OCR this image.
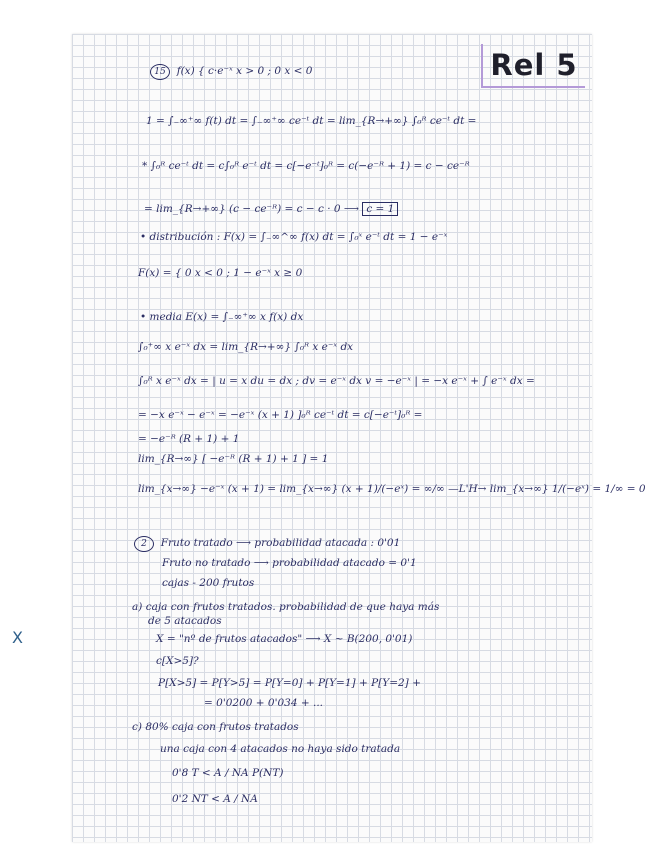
Rel 5
15 f(x) { c·e⁻ˣ x > 0 ; 0 x < 0
1 = ∫₋∞⁺∞ f(t) dt = ∫₋∞⁺∞ ce⁻ᵗ dt = lim_{R→+∞} ∫₀ᴿ ce⁻ᵗ dt =
* ∫₀ᴿ ce⁻ᵗ dt = c∫₀ᴿ e⁻ᵗ dt = c[−e⁻ᵗ]₀ᴿ = c(−e⁻ᴿ + 1) = c − ce⁻ᴿ
= lim_{R→+∞} (c − ce⁻ᴿ) = c − c · 0 ⟶ c = 1
• distribución : F(x) = ∫₋∞^∞ f(x) dt = ∫₀ˣ e⁻ᵗ dt = 1 − e⁻ˣ
F(x) = { 0 x < 0 ; 1 − e⁻ˣ x ≥ 0
• media E(x) = ∫₋∞⁺∞ x f(x) dx
∫₀⁺∞ x e⁻ˣ dx = lim_{R→+∞} ∫₀ᴿ x e⁻ˣ dx
∫₀ᴿ x e⁻ˣ dx = | u = x du = dx ; dv = e⁻ˣ dx v = −e⁻ˣ | = −x e⁻ˣ + ∫ e⁻ˣ dx =
= −x e⁻ˣ − e⁻ˣ = −e⁻ˣ (x + 1) ]₀ᴿ ce⁻ᵗ dt = c[−e⁻ᵗ]₀ᴿ =
= −e⁻ᴿ (R + 1) + 1
lim_{R→∞} [ −e⁻ᴿ (R + 1) + 1 ] = 1
lim_{x→∞} −e⁻ˣ (x + 1) = lim_{x→∞} (x + 1)/(−eˣ) = ∞/∞ —L'H→ lim_{x→∞} 1/(−eˣ) = 1/∞ = 0
2 Fruto tratado ⟶ probabilidad atacada : 0'01
Fruto no tratado ⟶ probabilidad atacado = 0'1
cajas - 200 frutos
a) caja con frutos tratados. probabilidad de que haya más
de 5 atacados
X = "nº de frutos atacados" ⟶ X ~ B(200, 0'01)
c[X>5]?
P[X>5] = P[Y>5] = P[Y=0] + P[Y=1] + P[Y=2] +
= 0'0200 + 0'034 + ...
c) 80% caja con frutos tratados
una caja con 4 atacados no haya sido tratada
0'8 T < A / NA P(NT)
0'2 NT < A / NA
X
